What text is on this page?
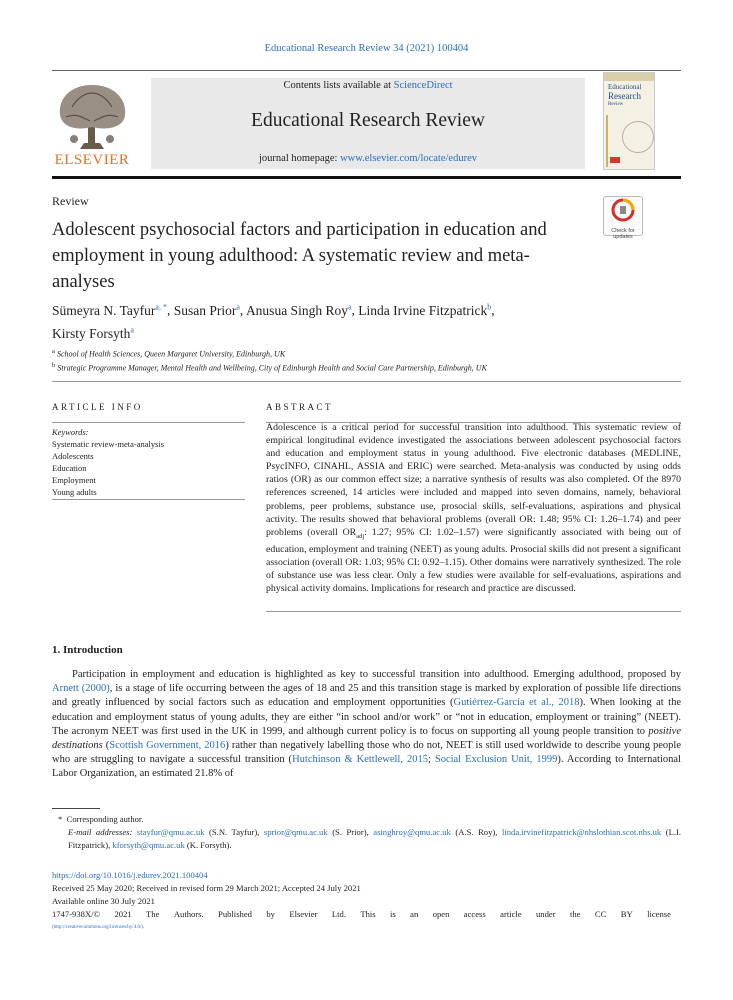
Educational Research Review 34 (2021) 100404
ELSEVIER
Contents lists available at ScienceDirect
Educational Research Review
journal homepage: www.elsevier.com/locate/edurev
Educational
Research
Review
Review
Check for updates
Adolescent psychosocial factors and participation in education and employment in young adulthood: A systematic review and meta-analyses
Sümeyra N. Tayfur$^{a, *}$, Susan Prior$^a$, Anusua Singh Roy$^a$, Linda Irvine Fitzpatrick$^b$,
Kirsty Forsyth$^a$
$^a$ School of Health Sciences, Queen Margaret University, Edinburgh, UK
$^b$ Strategic Programme Manager, Mental Health and Wellbeing, City of Edinburgh Health and Social Care Partnership, Edinburgh, UK
ARTICLE INFO	ABSTRACT
Keywords:
Systematic review-meta-analysis
Adolescents
Education
Employment
Young adults
Adolescence is a critical period for successful transition into adulthood. This systematic review of empirical longitudinal evidence investigated the associations between adolescent psychosocial factors and education and employment status in young adulthood. Five electronic databases (MEDLINE, PsycINFO, CINAHL, ASSIA and ERIC) were searched. Meta-analysis was conducted by using odds ratios (OR) as our common effect size; a narrative synthesis of results was also completed. Of the 8970 references screened, 14 articles were included and mapped into seven domains, namely, behavioral problems, peer problems, substance use, prosocial skills, self-evaluations, aspirations and physical activity. The results showed that behavioral problems (overall OR: 1.48; 95% CI: 1.26–1.74) and peer problems (overall $OR_{adj}$: 1.27; 95% CI: 1.02–1.57) were significantly associated with being out of education, employment and training (NEET) as young adults. Prosocial skills did not present a significant association (overall OR: 1.03; 95% CI: 0.92–1.15). Other domains were narratively synthesized. The role of substance use was less clear. Only a few studies were available for self-evaluations, aspirations and physical activity domains. Implications for research and practice are discussed.
1. Introduction
Participation in employment and education is highlighted as key to successful transition into adulthood. Emerging adulthood, proposed by Arnett (2000), is a stage of life occurring between the ages of 18 and 25 and this transition stage is marked by exploration of possible life directions and greatly influenced by social factors such as education and employment opportunities (Gutiérrez-García et al., 2018). When looking at the education and employment status of young adults, they are either “in school and/or work” or “not in education, employment or training” (NEET). The acronym NEET was first used in the UK in 1999, and although current policy is to focus on supporting all young people transition to positive destinations (Scottish Government, 2016) rather than negatively labelling those who do not, NEET is still used worldwide to describe young people who are struggling to navigate a successful transition (Hutchinson & Kettlewell, 2015; Social Exclusion Unit, 1999). According to International Labor Organization, an estimated 21.8% of
* Corresponding author.
E-mail addresses: stayfur@qmu.ac.uk (S.N. Tayfur), sprior@qmu.ac.uk (S. Prior), asinghroy@qmu.ac.uk (A.S. Roy), linda.irvinefitzpatrick@nhslothian.scot.nhs.uk (L.I. Fitzpatrick), kforsyth@qmu.ac.uk (K. Forsyth).
https://doi.org/10.1016/j.edurev.2021.100404
Received 25 May 2020; Received in revised form 29 March 2021; Accepted 24 July 2021
Available online 30 July 2021
1747-938X/© 2021 The Authors. Published by Elsevier Ltd. This is an open access article under the CC BY license
(http://creativecommons.org/licenses/by/4.0/).
